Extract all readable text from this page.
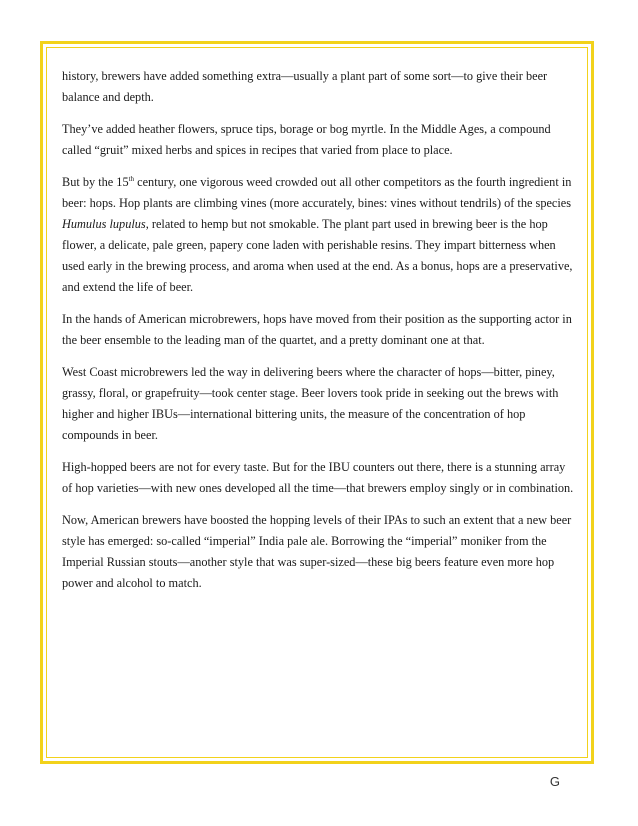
history, brewers have added something extra—usually a plant part of some sort—to give their beer balance and depth.

They’ve added heather flowers, spruce tips, borage or bog myrtle. In the Middle Ages, a compound called “gruit” mixed herbs and spices in recipes that varied from place to place.

But by the 15th century, one vigorous weed crowded out all other competitors as the fourth ingredient in beer: hops. Hop plants are climbing vines (more accurately, bines: vines without tendrils) of the species Humulus lupulus, related to hemp but not smokable. The plant part used in brewing beer is the hop flower, a delicate, pale green, papery cone laden with perishable resins. They impart bitterness when used early in the brewing process, and aroma when used at the end. As a bonus, hops are a preservative, and extend the life of beer.

In the hands of American microbrewers, hops have moved from their position as the supporting actor in the beer ensemble to the leading man of the quartet, and a pretty dominant one at that.

West Coast microbrewers led the way in delivering beers where the character of hops—bitter, piney, grassy, floral, or grapefruity—took center stage. Beer lovers took pride in seeking out the brews with higher and higher IBUs—international bittering units, the measure of the concentration of hop compounds in beer.

High-hopped beers are not for every taste. But for the IBU counters out there, there is a stunning array of hop varieties—with new ones developed all the time—that brewers employ singly or in combination.

Now, American brewers have boosted the hopping levels of their IPAs to such an extent that a new beer style has emerged: so-called “imperial” India pale ale. Borrowing the “imperial” moniker from the Imperial Russian stouts—another style that was super-sized—these big beers feature even more hop power and alcohol to match.

G
